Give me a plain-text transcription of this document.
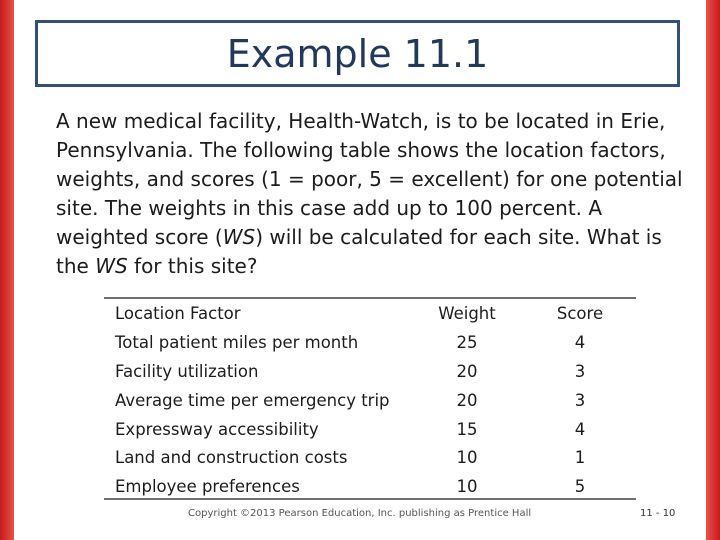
Example 11.1

A new medical facility, Health-Watch, is to be located in Erie, Pennsylvania. The following table shows the location factors, weights, and scores (1 = poor, 5 = excellent) for one potential site. The weights in this case add up to 100 percent. A weighted score (WS) will be calculated for each site. What is the WS for this site?

Location Factor	Weight	Score
Total patient miles per month	25	4
Facility utilization	20	3
Average time per emergency trip	20	3
Expressway accessibility	15	4
Land and construction costs	10	1
Employee preferences	10	5
Copyright ©2013 Pearson Education, Inc. publishing as Prentice Hall	11 - 10
